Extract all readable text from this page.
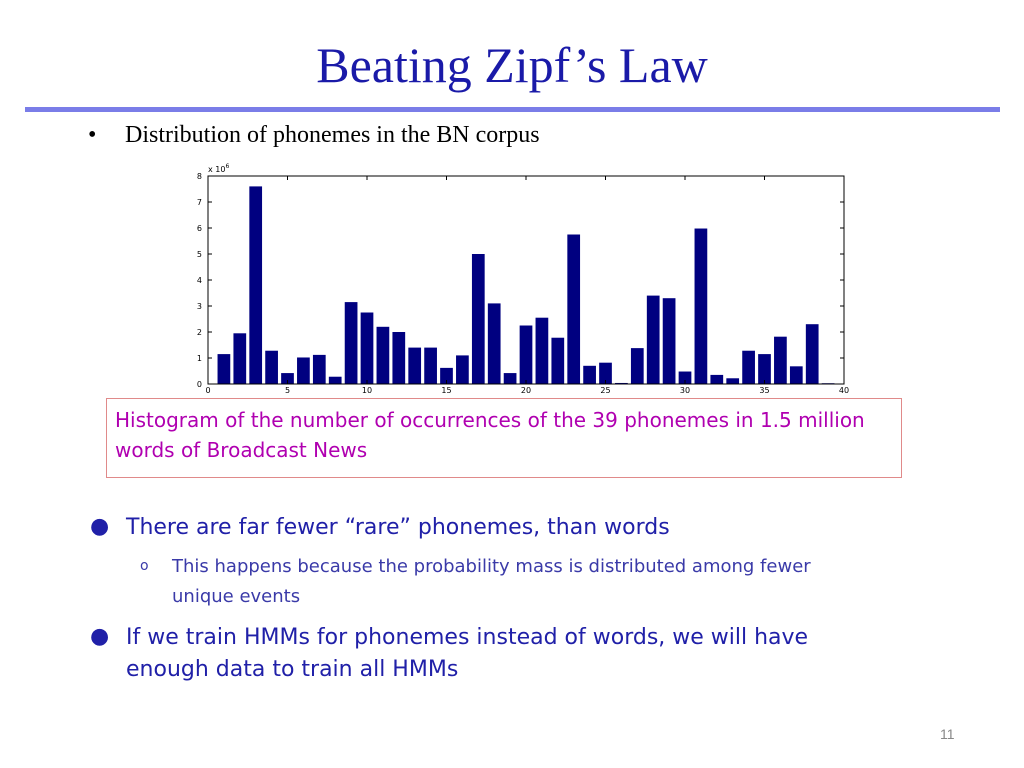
Beating Zipf’s Law
• Distribution of phonemes in the BN corpus
0
1
2
3
4
5
6
7
8
0	5	10	15	20	25	30	35	40
x $10^6$
Histogram of the number of occurrences of the 39 phonemes in 1.5 million words of Broadcast News
● There are far fewer “rare” phonemes, than words
o This happens because the probability mass is distributed among fewer
unique events
● If we train HMMs for phonemes instead of words, we will have
enough data to train all HMMs
11
